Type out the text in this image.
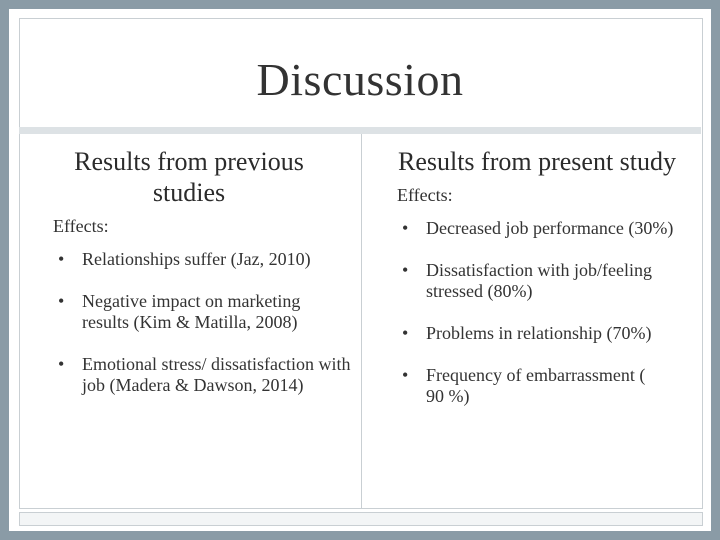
Discussion
Results from previous studies
Effects:
• Relationships suffer (Jaz, 2010)
• Negative impact on marketing results (Kim & Matilla, 2008)
• Emotional stress/ dissatisfaction with job (Madera & Dawson, 2014)
Results from present study
Effects:
• Decreased job performance (30%)
• Dissatisfaction with job/feeling stressed (80%)
• Problems in relationship (70%)
• Frequency of embarrassment ( 90 %)
